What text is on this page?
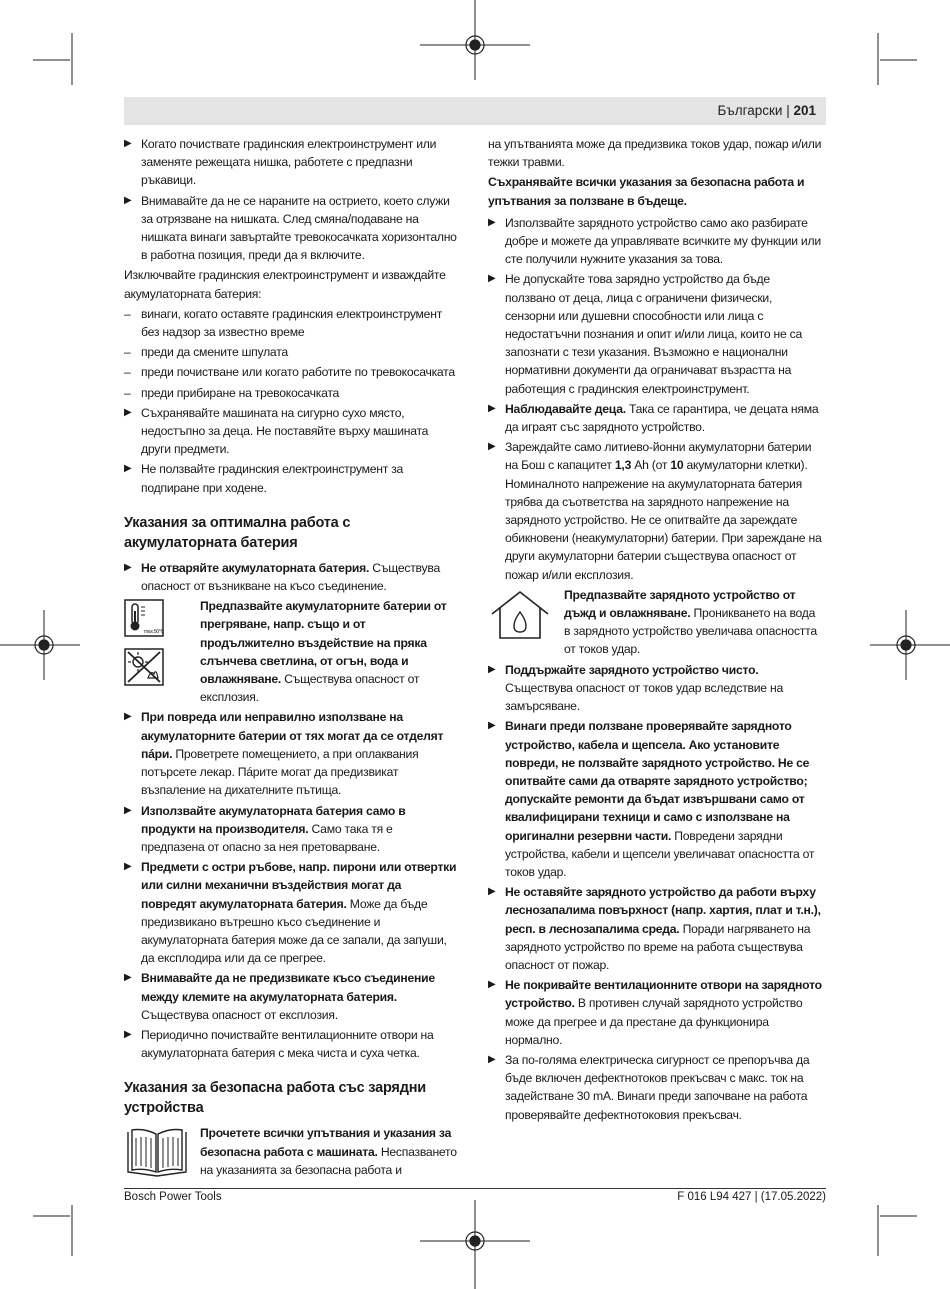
Български | 201
▶ Когато почиствате градинския електроинструмент или заменяте режещата нишка, работете с предпазни ръкавици.
▶ Внимавайте да не се нараните на острието, което служи за отрязване на нишката. След смяна/подаване на нишката винаги завъртайте тревокосачката хоризонтално в работна позиция, преди да я включите.

Изключвайте градинския електроинструмент и изваждайте акумулаторната батерия:

– винаги, когато оставяте градинския електроинструмент без надзор за известно време
– преди да смените шпулата
– преди почистване или когато работите по тревокосачката
– преди прибиране на тревокосачката
▶ Съхранявайте машината на сигурно сухо място, недостъпно за деца. Не поставяйте върху машината други предмети.
▶ Не ползвайте градинския електроинструмент за подпиране при ходене.
Указания за оптимална работа с акумулаторната батерия
▶ Не отваряйте акумулаторната батерия. Съществува опасност от възникване на късо съединение.
max.50°C
Предпазвайте акумулаторните батерии от прегряване, напр. също и от продължително въздействие на пряка слънчева светлина, от огън, вода и овлажняване. Съществува опасност от експлозия.
▶ При повреда или неправилно използване на акумулаторните батерии от тях могат да се отделят пáри. Проветрете помещението, а при оплаквания потърсете лекар. Пáрите могат да предизвикат възпаление на дихателните пътища.
▶ Използвайте акумулаторната батерия само в продукти на производителя. Само така тя е предпазена от опасно за нея претоварване.
▶ Предмети с остри ръбове, напр. пирони или отвертки или силни механични въздействия могат да повредят акумулаторната батерия. Може да бъде предизвикано вътрешно късо съединение и акумулаторната батерия може да се запали, да запуши, да експлодира или да се прегрее.
▶ Внимавайте да не предизвикате късо съединение между клемите на акумулаторната батерия. Съществува опасност от експлозия.
▶ Периодично почиствайте вентилационните отвори на акумулаторната батерия с мека чиста и суха четка.
Указания за безопасна работа със зарядни устройства
Прочетете всички упътвания и указания за безопасна работа с машината. Неспазването на указанията за безопасна работа и

на упътванията може да предизвика токов удар, пожар и/или тежки травми.

Съхранявайте всички указания за безопасна работа и упътвания за ползване в бъдеще.

▶ Използвайте зарядното устройство само ако разбирате добре и можете да управлявате всичките му функции или сте получили нужните указания за това.
▶ Не допускайте това зарядно устройство да бъде ползвано от деца, лица с ограничени физически, сензорни или душевни способности или лица с недостатъчни познания и опит и/или лица, които не са запознати с тези указания. Възможно е национални нормативни документи да ограничават възрастта на работещия с градинския електроинструмент.
▶ Наблюдавайте деца. Така се гарантира, че децата няма да играят със зарядното устройство.
▶ Зареждайте само литиево-йонни акумулаторни батерии на Бош с капацитет 1,3 Ah (от 10 акумулаторни клетки). Номиналното напрежение на акумулаторната батерия трябва да съответства на зарядното напрежение на зарядното устройство. Не се опитвайте да зареждате обикновени (неакумулаторни) батерии. При зареждане на други акумулаторни батерии съществува опасност от пожар и/или експлозия.
Предпазвайте зарядното устройство от дъжд и овлажняване. Проникването на вода в зарядното устройство увеличава опасността от токов удар.
▶ Поддържайте зарядното устройство чисто. Съществува опасност от токов удар вследствие на замърсяване.
▶ Винаги преди ползване проверявайте зарядното устройство, кабела и щепсела. Ако установите повреди, не ползвайте зарядното устройство. Не се опитвайте сами да отваряте зарядното устройство; допускайте ремонти да бъдат извършвани само от квалифицирани техници и само с използване на оригинални резервни части. Повредени зарядни устройства, кабели и щепсели увеличават опасността от токов удар.
▶ Не оставяйте зарядното устройство да работи върху леснозапалима повърхност (напр. хартия, плат и т.н.), респ. в леснозапалима среда. Поради нагряването на зарядното устройство по време на работа съществува опасност от пожар.
▶ Не покривайте вентилационните отвори на зарядното устройство. В противен случай зарядното устройство може да прегрее и да престане да функционира нормално.
▶ За по-голяма електрическа сигурност се препоръчва да бъде включен дефектнотоков прекъсвач с макс. ток на задействане 30 mA. Винаги преди започване на работа проверявайте дефектнотоковия прекъсвач.
Bosch Power Tools	F 016 L94 427 | (17.05.2022)
